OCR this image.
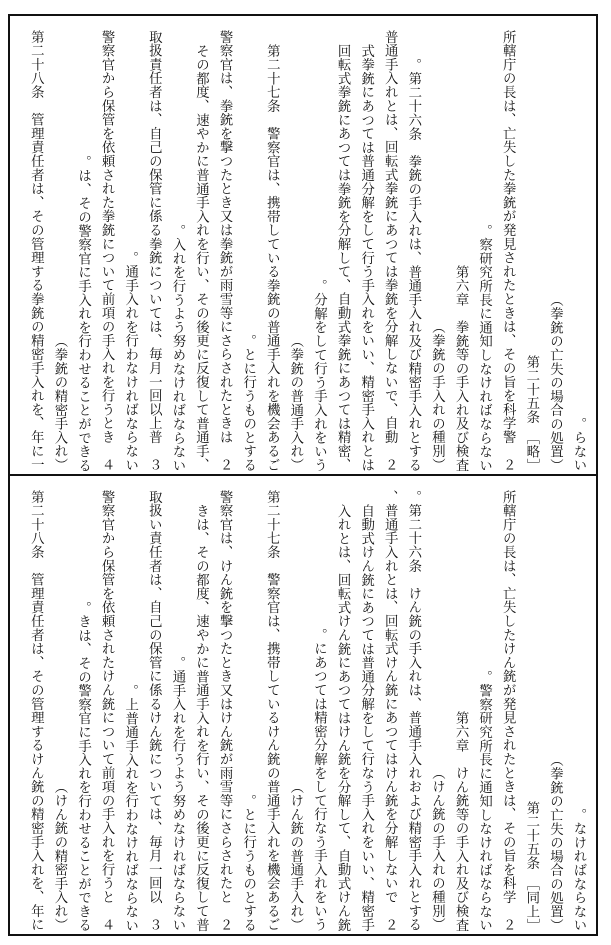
らない。
（拳銃の亡失の場合の処置）
第二十五条　［略］
２　所轄庁の長は、亡失した拳銃が発見されたときは、その旨を科学警
察研究所長に通知しなければならない。
第六章　拳銃等の手入れ及び検査
（拳銃の手入れの種別）
第二十六条　拳銃の手入れは、普通手入れ及び精密手入れとする。
２　普通手入れとは、回転式拳銃にあつては拳銃を分解しないで、自動
式拳銃にあつては普通分解をして行う手入れをいい、精密手入れとは
、回転式拳銃にあつては拳銃を分解して、自動式拳銃にあつては精密
分解をして行う手入れをいう。
（拳銃の普通手入れ）
第二十七条　警察官は、携帯している拳銃の普通手入れを機会あるご
とに行うものとする。
２　警察官は、拳銃を撃つたとき又は拳銃が雨雪等にさらされたときは
、その都度、速やかに普通手入れを行い、その後更に反復して普通手
入れを行うよう努めなければならない。
３　取扱責任者は、自己の保管に係る拳銃については、毎月一回以上普
通手入れを行わなければならない。
４　警察官から保管を依頼された拳銃について前項の手入れを行うとき
は、その警察官に手入れを行わせることができる。
（拳銃の精密手入れ）
第二十八条　管理責任者は、その管理する拳銃の精密手入れを、年に一
なければならない。
（拳銃の亡失の場合の処置）
第二十五条　［同上］
２　所轄庁の長は、亡失したけん銃が発見されたときは、その旨を科学
警察研究所長に通知しなければならない。
第六章　けん銃等の手入れ及び検査
（けん銃の手入れの種別）
第二十六条　けん銃の手入れは、普通手入れおよび精密手入れとする。
２　普通手入れとは、回転式けん銃にあつてはけん銃を分解しないで、
自動式けん銃にあつては普通分解をして行なう手入れをいい、精密手
入れとは、回転式けん銃にあつてはけん銃を分解して、自動式けん銃
にあつては精密分解をして行なう手入れをいう。
（けん銃の普通手入れ）
第二十七条　警察官は、携帯しているけん銃の普通手入れを機会あるご
とに行うものとする。
２　警察官は、けん銃を撃つたとき又はけん銃が雨雪等にさらされたと
きは、その都度、速やかに普通手入れを行い、その後更に反復して普
通手入れを行うよう努めなければならない。
３　取扱い責任者は、自己の保管に係るけん銃については、毎月一回以
上普通手入れを行わなければならない。
４　警察官から保管を依頼されたけん銃について前項の手入れを行うと
きは、その警察官に手入れを行わせることができる。
（けん銃の精密手入れ）
第二十八条　管理責任者は、その管理するけん銃の精密手入れを、年に
